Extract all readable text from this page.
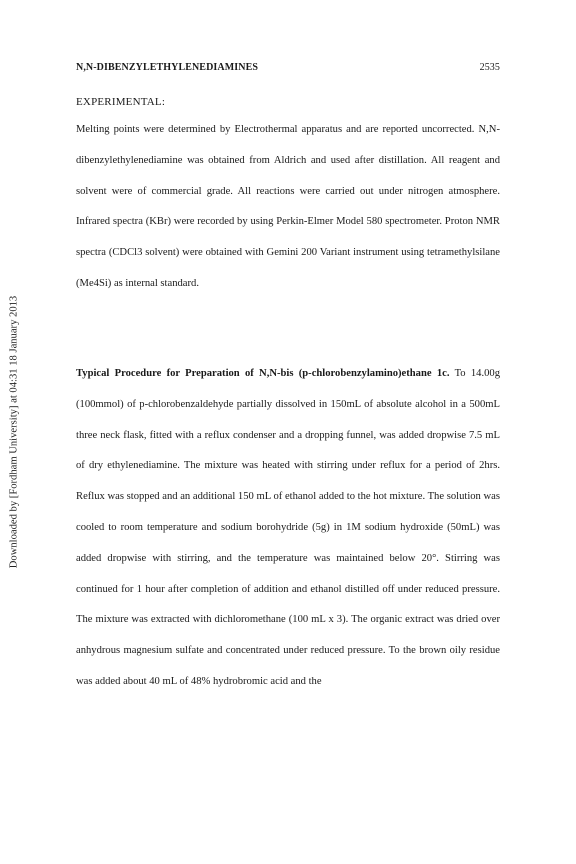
Downloaded by [Fordham University] at 04:31 18 January 2013
N,N-DIBENZYLETHYLENEDIAMINES	2535
EXPERIMENTAL:

Melting points were determined by Electrothermal apparatus and are reported uncorrected. N,N-dibenzylethylenediamine was obtained from Aldrich and used after distillation. All reagent and solvent were of commercial grade. All reactions were carried out under nitrogen atmosphere. Infrared spectra (KBr) were recorded by using Perkin-Elmer Model 580 spectrometer. Proton NMR spectra (CDCl3 solvent) were obtained with Gemini 200 Variant instrument using tetramethylsilane (Me4Si) as internal standard.

Typical Procedure for Preparation of N,N-bis (p-chlorobenzylamino)ethane 1c. To 14.00g (100mmol) of p-chlorobenzaldehyde partially dissolved in 150mL of absolute alcohol in a 500mL three neck flask, fitted with a reflux condenser and a dropping funnel, was added dropwise 7.5 mL of dry ethylenediamine. The mixture was heated with stirring under reflux for a period of 2hrs. Reflux was stopped and an additional 150 mL of ethanol added to the hot mixture. The solution was cooled to room temperature and sodium borohydride (5g) in 1M sodium hydroxide (50mL) was added dropwise with stirring, and the temperature was maintained below 20°. Stirring was continued for 1 hour after completion of addition and ethanol distilled off under reduced pressure. The mixture was extracted with dichloromethane (100 mL x 3). The organic extract was dried over anhydrous magnesium sulfate and concentrated under reduced pressure. To the brown oily residue was added about 40 mL of 48% hydrobromic acid and the
